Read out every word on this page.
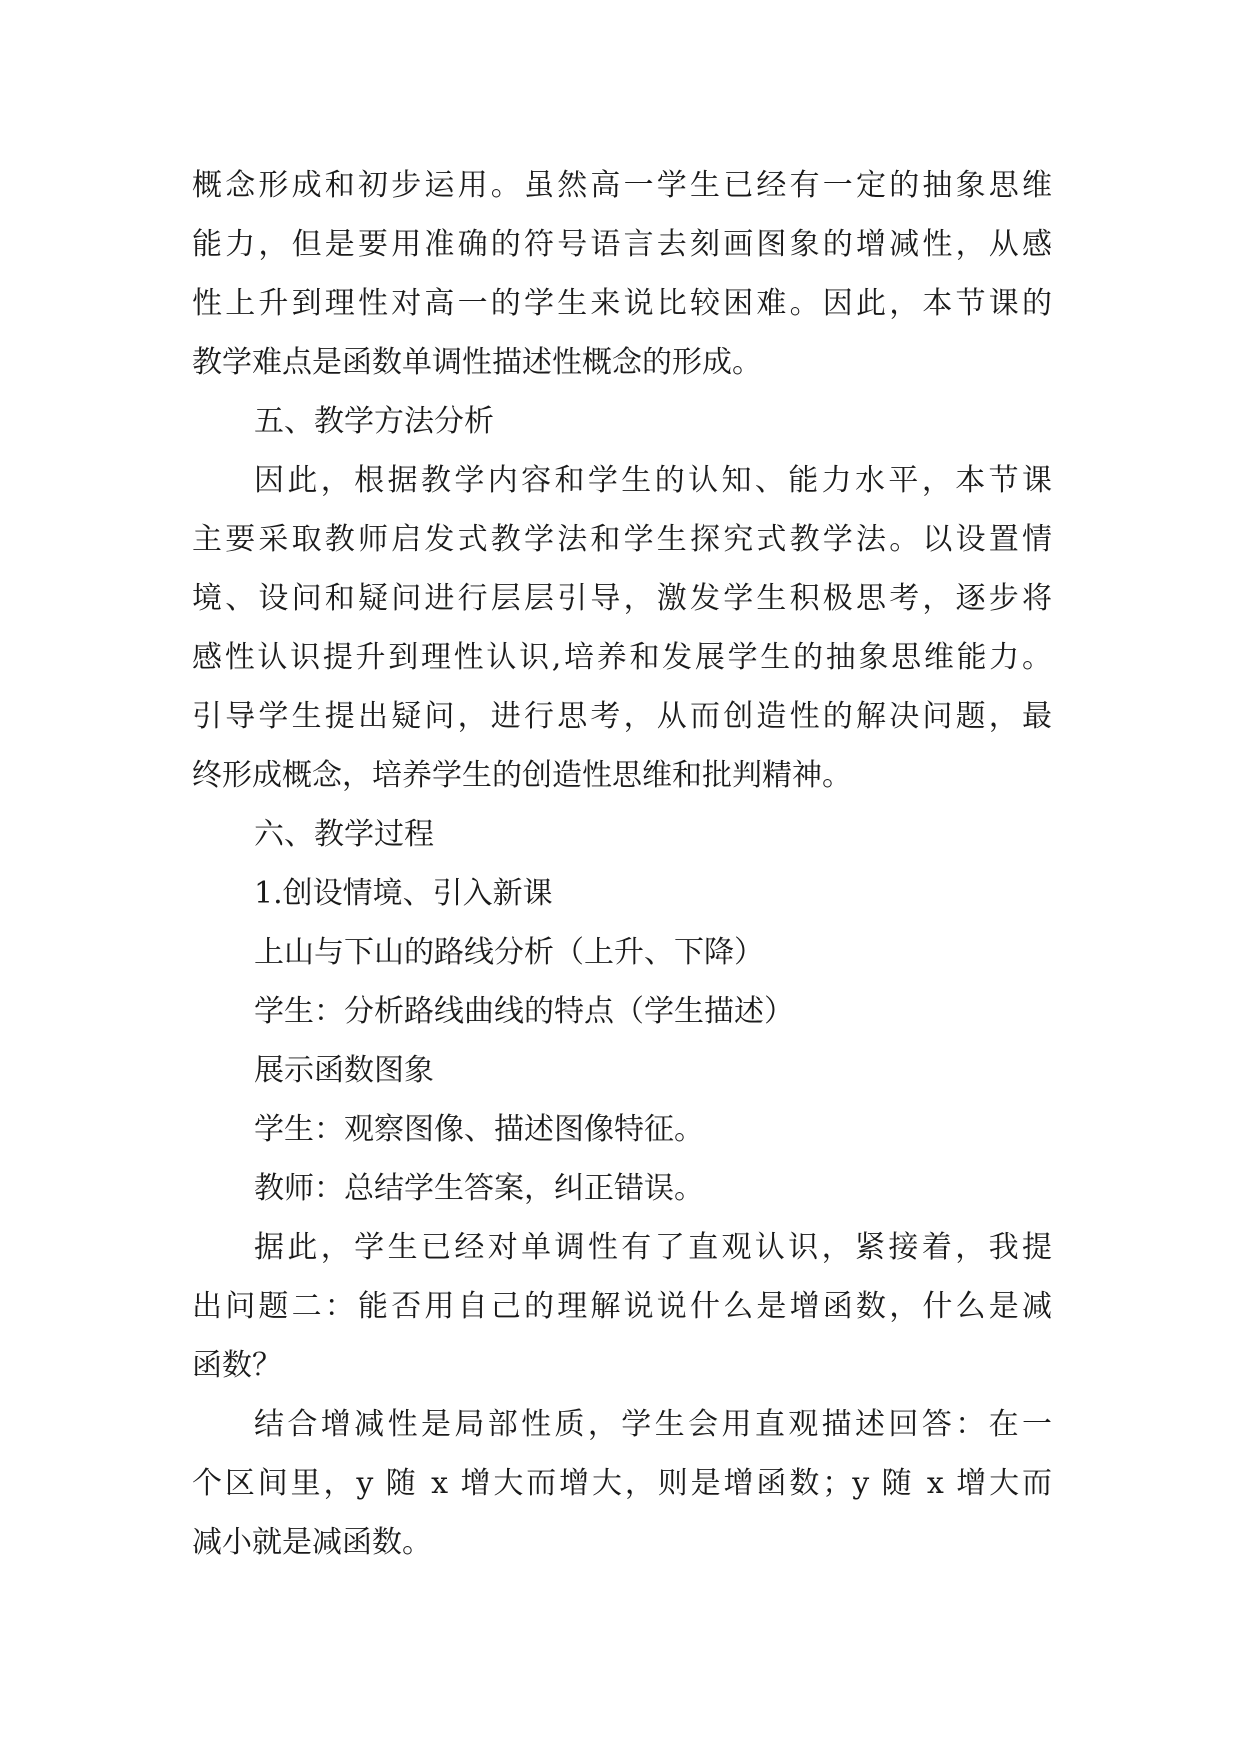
概念形成和初步运用。虽然高一学生已经有一定的抽象思维
能力，但是要用准确的符号语言去刻画图象的增减性，从感
性上升到理性对高一的学生来说比较困难。因此，本节课的
教学难点是函数单调性描述性概念的形成。
五、教学方法分析
因此，根据教学内容和学生的认知、能力水平，本节课
主要采取教师启发式教学法和学生探究式教学法。以设置情
境、设问和疑问进行层层引导，激发学生积极思考，逐步将
感性认识提升到理性认识,培养和发展学生的抽象思维能力。
引导学生提出疑问，进行思考，从而创造性的解决问题，最
终形成概念，培养学生的创造性思维和批判精神。
六、教学过程
1.创设情境、引入新课
上山与下山的路线分析（上升、下降）
学生：分析路线曲线的特点（学生描述）
展示函数图象
学生：观察图像、描述图像特征。
教师：总结学生答案，纠正错误。
据此，学生已经对单调性有了直观认识，紧接着，我提
出问题二：能否用自己的理解说说什么是增函数，什么是减
函数？
结合增减性是局部性质，学生会用直观描述回答：在一
个区间里，y 随 x 增大而增大，则是增函数；y 随 x 增大而
减小就是减函数。
